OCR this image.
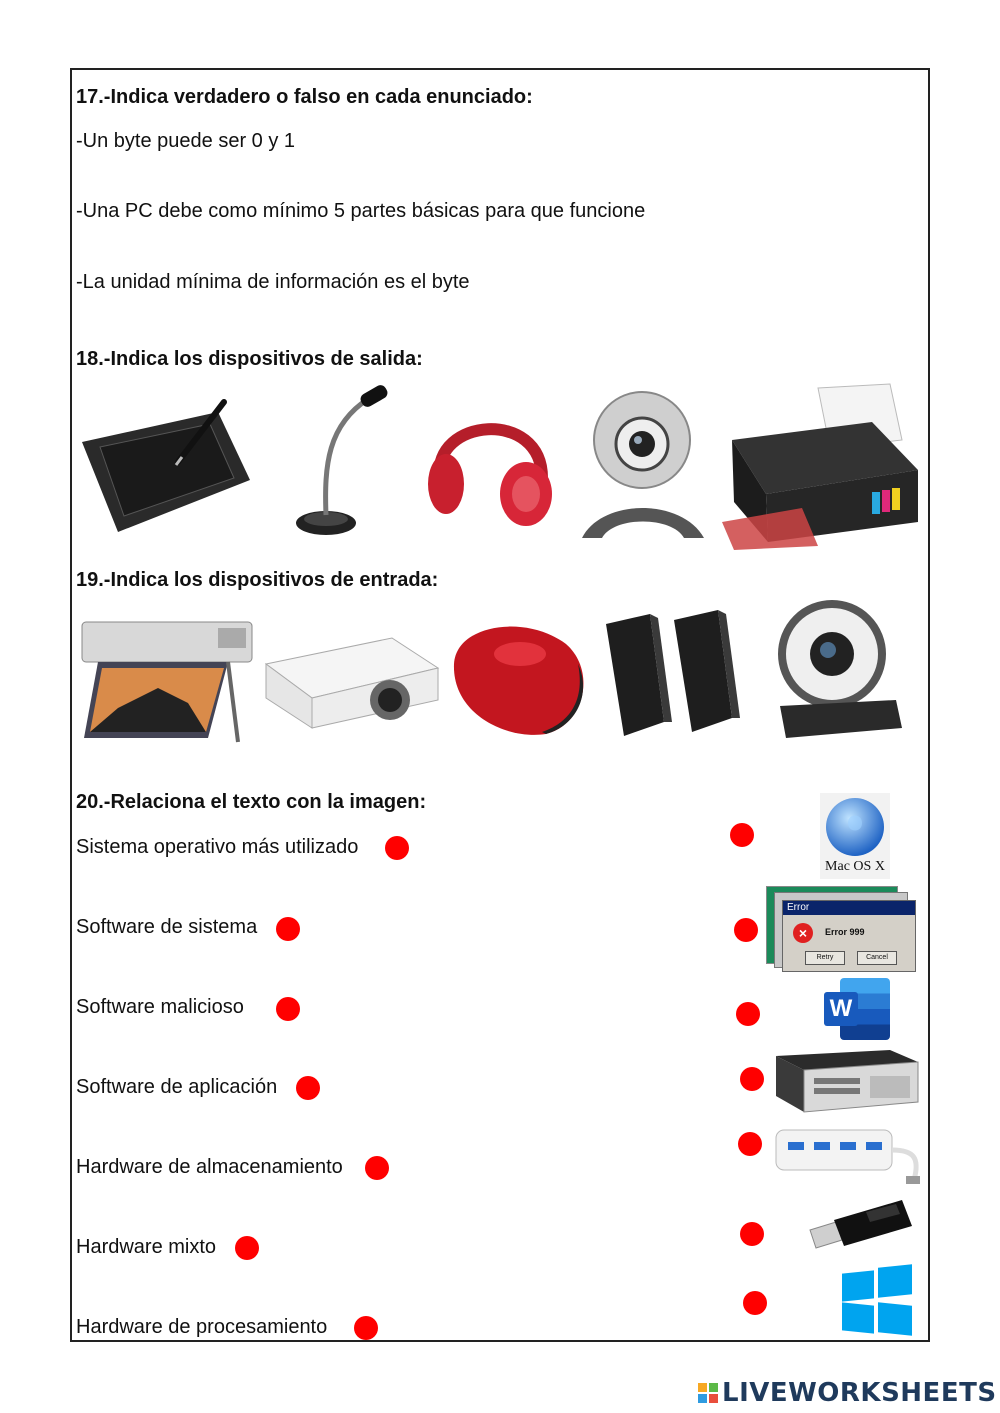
17.-Indica verdadero o falso en cada enunciado:
-Un byte puede ser 0 y 1
-Una PC debe como mínimo 5 partes básicas para que funcione
-La unidad mínima de información es el byte
18.-Indica los dispositivos de salida:
19.-Indica los dispositivos de entrada:
20.-Relaciona el texto con la imagen:
Sistema operativo más utilizado
Software de sistema
Software malicioso
Software de aplicación
Hardware de almacenamiento
Hardware mixto
Hardware de procesamiento
Mac OS X
Error
×	Error 999
Retry	Cancel
W
LIVEWORKSHEETS
